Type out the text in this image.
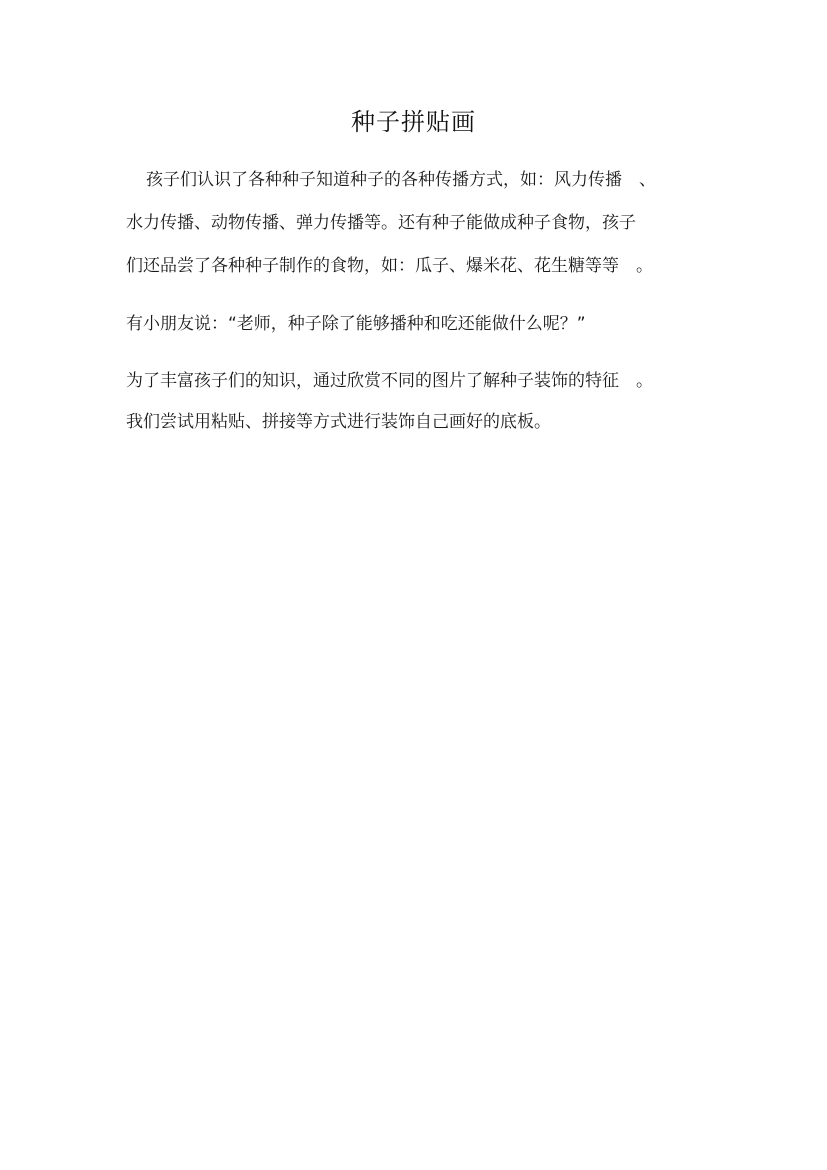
种子拼贴画
孩子们认识了各种种子知道种子的各种传播方式，如：风力传播　、
水力传播、动物传播、弹力传播等。还有种子能做成种子食物，孩子
们还品尝了各种种子制作的食物，如：瓜子、爆米花、花生糖等等　。
有小朋友说：“老师，种子除了能够播种和吃还能做什么呢？”
为了丰富孩子们的知识，通过欣赏不同的图片了解种子装饰的特征　。
我们尝试用粘贴、拼接等方式进行装饰自己画好的底板。
